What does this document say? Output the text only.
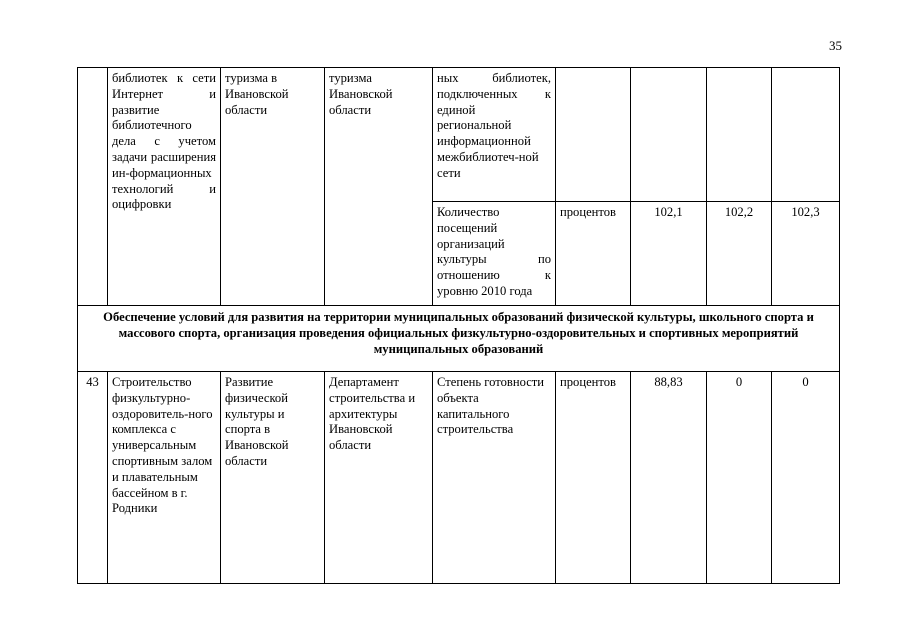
35
	библиотек к сети Интернет и развитие библиотечного дела с учетом задачи расширения ин-формационных технологий и оцифровки	туризма в Ивановской области	туризма Ивановской области	ных библиотек, подключенных к единой региональной информационной межбиблиотеч-ной сети				
				Количество посещений организаций культуры по отношению к уровню 2010 года	процентов	102,1	102,2	102,3
Обеспечение условий для развития на территории муниципальных образований физической культуры, школьного спорта и массового спорта, организация проведения официальных физкультурно-оздоровительных и спортивных мероприятий муниципальных образований								
43	Строительство физкультурно-оздоровитель-ного комплекса с универсальным спортивным залом и плавательным бассейном в г. Родники	Развитие физической культуры и спорта в Ивановской области	Департамент строительства и архитектуры Ивановской области	Степень готовности объекта капитального строительства	процентов	88,83	0	0
